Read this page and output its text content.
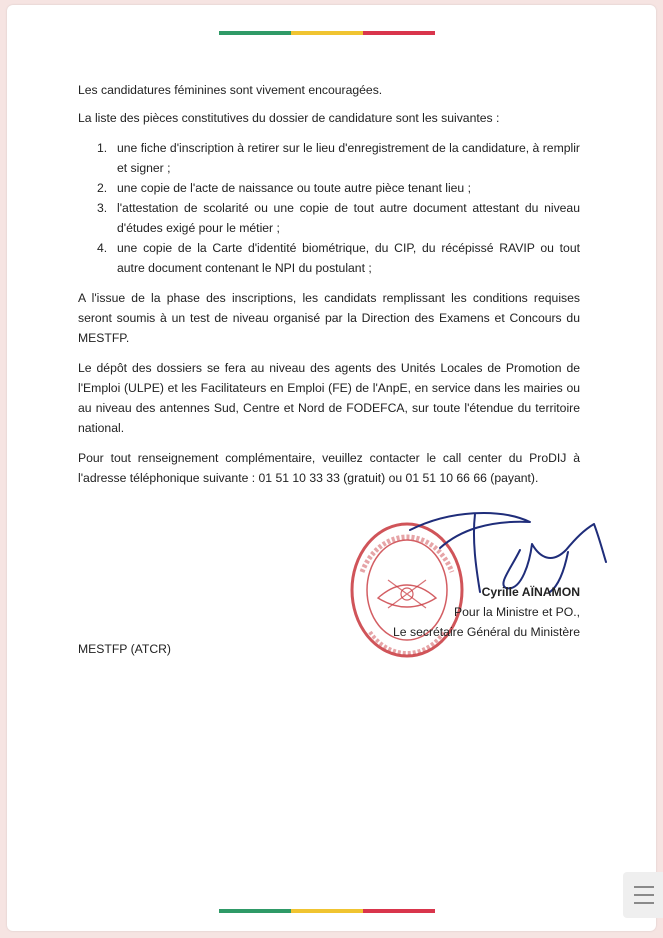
Les candidatures féminines sont vivement encouragées.

La liste des pièces constitutives du dossier de candidature sont les suivantes :

1. une fiche d'inscription à retirer sur le lieu d'enregistrement de la candidature, à remplir et signer ;
2. une copie de l'acte de naissance ou toute autre pièce tenant lieu ;
3. l'attestation de scolarité ou une copie de tout autre document attestant du niveau d'études exigé pour le métier ;
4. une copie de la Carte d'identité biométrique, du CIP, du récépissé RAVIP ou tout autre document contenant le NPI du postulant ;

A l'issue de la phase des inscriptions, les candidats remplissant les conditions requises seront soumis à un test de niveau organisé par la Direction des Examens et Concours du MESTFP.

Le dépôt des dossiers se fera au niveau des agents des Unités Locales de Promotion de l'Emploi (ULPE) et les Facilitateurs en Emploi (FE) de l'AnpE, en service dans les mairies ou au niveau des antennes Sud, Centre et Nord de FODEFCA, sur toute l'étendue du territoire national.

Pour tout renseignement complémentaire, veuillez contacter le call center du ProDIJ à l'adresse téléphonique suivante : 01 51 10 33 33 (gratuit) ou 01 51 10 66 66 (payant).

Cyrille AÏNAMON
Pour la Ministre et PO.,
Le secrétaire Général du Ministère
MESTFP (ATCR)
